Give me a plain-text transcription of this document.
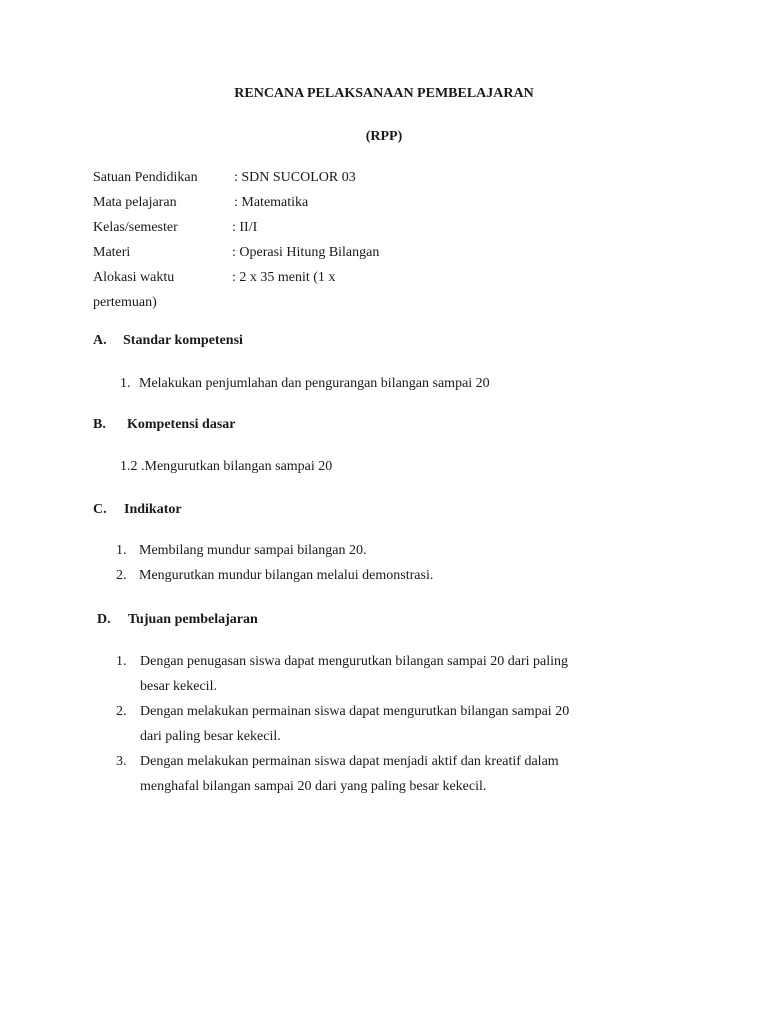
RENCANA PELAKSANAAN PEMBELAJARAN
(RPP)
Satuan Pendidikan	: SDN SUCOLOR 03
Mata pelajaran	: Matematika
Kelas/semester	: II/I
Materi	: Operasi Hitung Bilangan
Alokasi waktu	: 2 x 35 menit (1 x
pertemuan)
A. Standar kompetensi
1. Melakukan penjumlahan dan pengurangan bilangan sampai 20
B. Kompetensi dasar
1.2 .Mengurutkan bilangan sampai 20
C. Indikator
1. Membilang mundur sampai bilangan 20.
2. Mengurutkan mundur bilangan melalui demonstrasi.
D. Tujuan pembelajaran
1. Dengan penugasan siswa dapat mengurutkan bilangan sampai 20 dari paling
besar kekecil.
2. Dengan melakukan permainan siswa dapat mengurutkan bilangan sampai 20
dari paling besar kekecil.
3. Dengan melakukan permainan siswa dapat menjadi aktif dan kreatif dalam
menghafal bilangan sampai 20 dari yang paling besar kekecil.
